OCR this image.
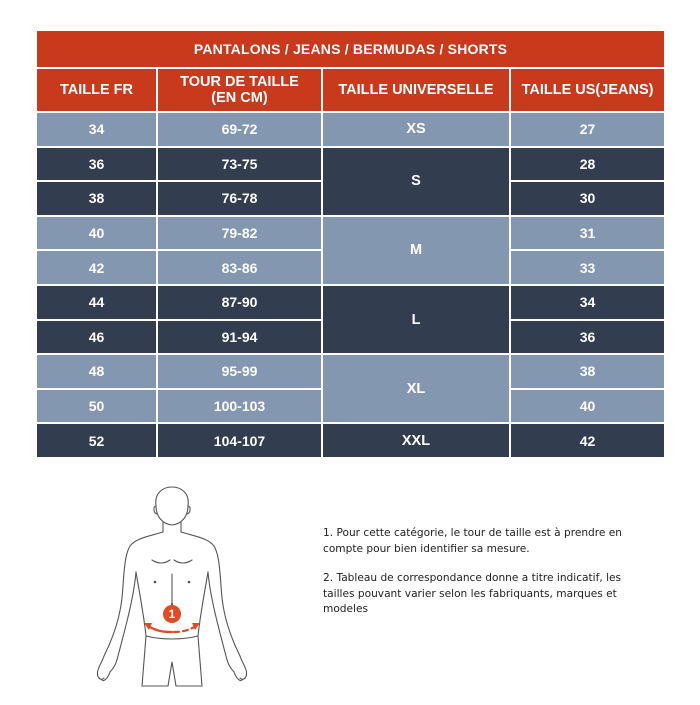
PANTALONS / JEANS / BERMUDAS / SHORTS			
TAILLE FR	TOUR DE TAILLE (EN CM)	TAILLE UNIVERSELLE	TAILLE US(JEANS)
34	69-72	XS	27
36	73-75	S	28
38	76-78		30
40	79-82	M	31
42	83-86		33
44	87-90	L	34
46	91-94		36
48	95-99	XL	38
50	100-103		40
52	104-107	XXL	42
1

1. Pour cette catégorie, le tour de taille est à prendre en compte pour bien identifier sa mesure.

2. Tableau de correspondance donne a titre indicatif, les tailles pouvant varier selon les fabriquants, marques et modeles
